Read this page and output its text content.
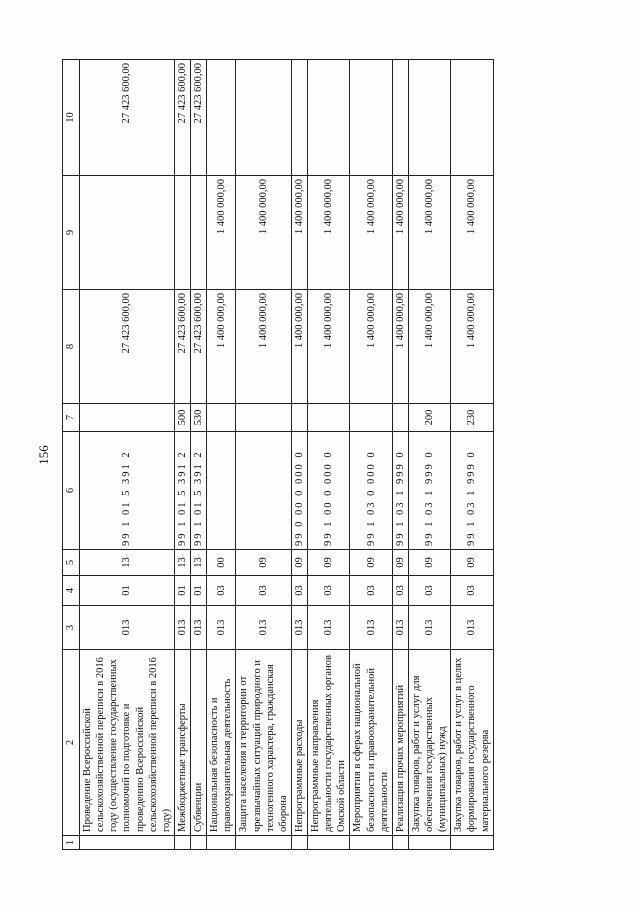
156
1	2	3	4	5	6	7	8	9	10
	Проведение Всероссийской сельскохозяйственной переписи в 2016 году (осуществление государственных полномочий по подготовке и проведению Всероссийской сельскохозяйственной переписи в 2016 году)	013	01	13	99 1 01 5 391 2		27 423 600,00		27 423 600,00
	Межбюджетные трансферты	013	01	13	99 1 01 5 391 2	500	27 423 600,00		27 423 600,00
	Субвенции	013	01	13	99 1 01 5 391 2	530	27 423 600,00		27 423 600,00
	Национальная безопасность и правоохранительная деятельность	013	03	00			1 400 000,00	1 400 000,00	
	Защита населения и территории от чрезвычайных ситуаций природного и техногенного характера, гражданская оборона	013	03	09			1 400 000,00	1 400 000,00	
	Непрограммные расходы	013	03	09	99 0 00 0 000 0		1 400 000,00	1 400 000,00	
	Непрограммные направления деятельности государственных органов Омской области	013	03	09	99 1 00 0 000 0		1 400 000,00	1 400 000,00	
	Мероприятия в сферах национальной безопасности и правоохранительной деятельности	013	03	09	99 1 03 0 000 0		1 400 000,00	1 400 000,00	
	Реализация прочих мероприятий	013	03	09	99 1 03 1 999 0		1 400 000,00	1 400 000,00	
	Закупка товаров, работ и услуг для обеспечения государственных (муниципальных) нужд	013	03	09	99 1 03 1 999 0	200	1 400 000,00	1 400 000,00	
	Закупка товаров, работ и услуг в целях формирования государственного материального резерва	013	03	09	99 1 03 1 999 0	230	1 400 000,00	1 400 000,00	
